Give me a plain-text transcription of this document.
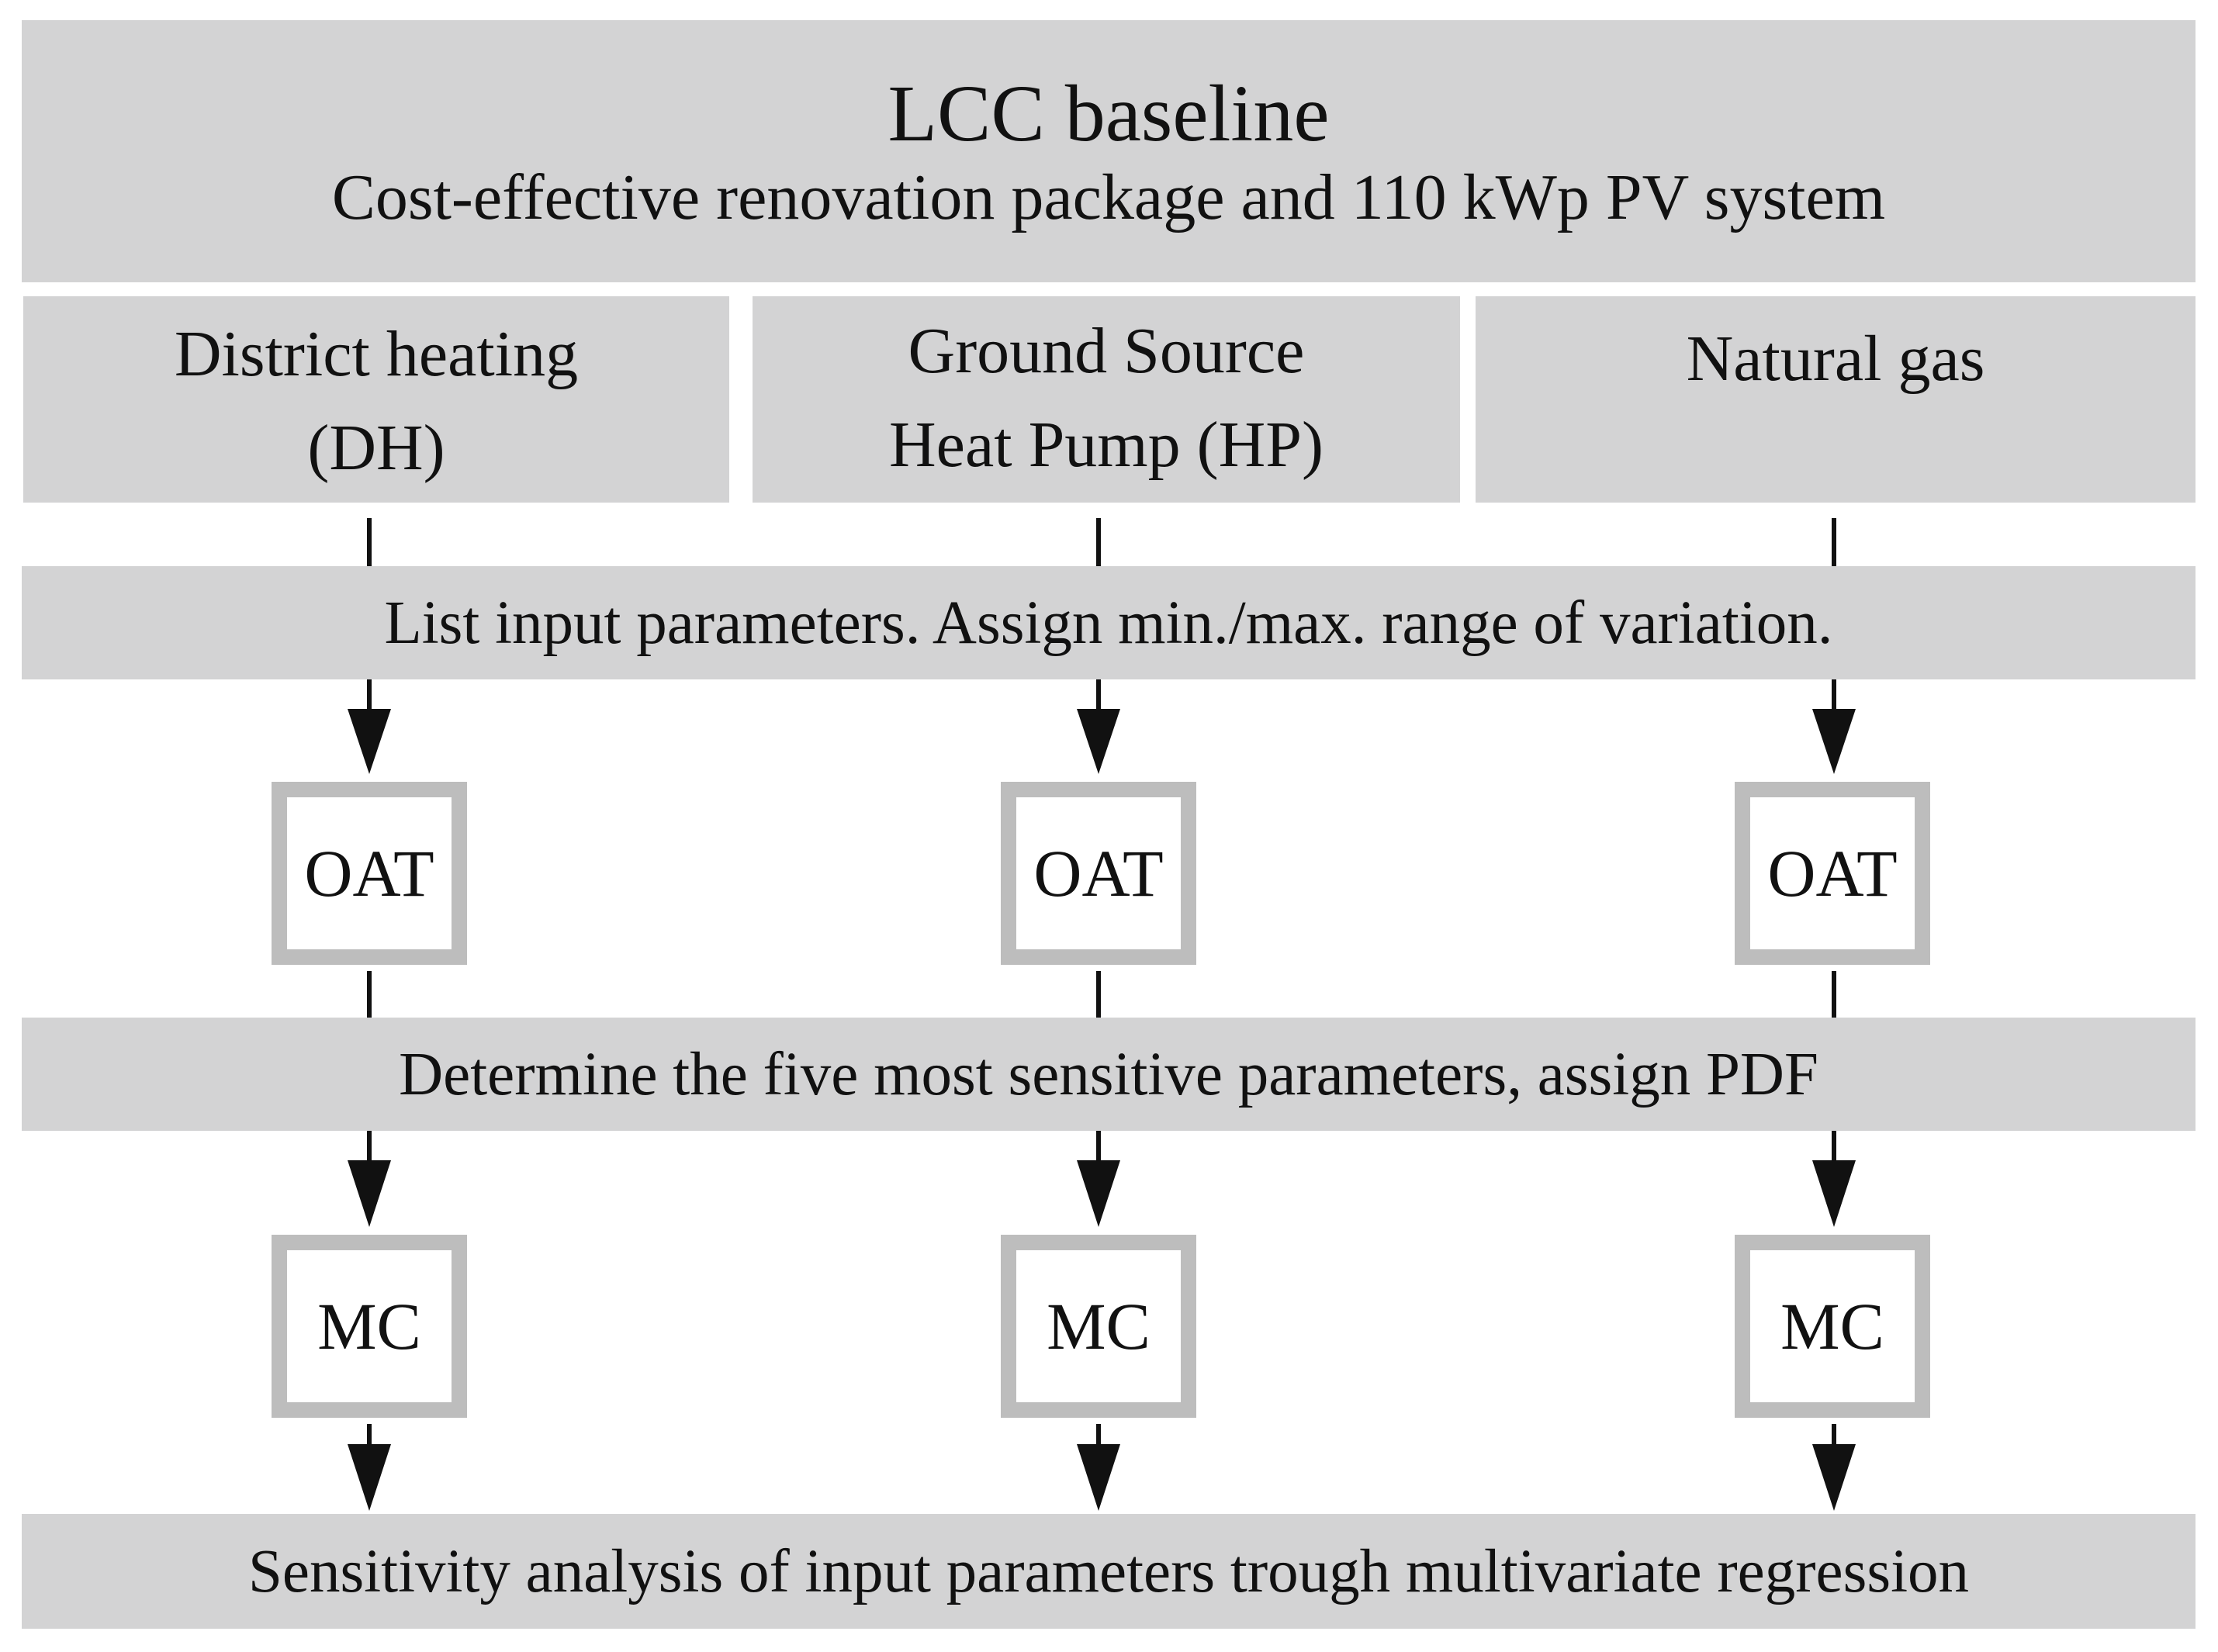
LCC baseline
Cost-effective renovation package and 110 kWp PV system
District heating
(DH)
Ground Source
Heat Pump (HP)
Natural gas
List input parameters. Assign min./max. range of variation.
Determine the five most sensitive parameters, assign PDF
Sensitivity analysis of input parameters trough multivariate regression
OAT	OAT	OAT
MC	MC	MC
